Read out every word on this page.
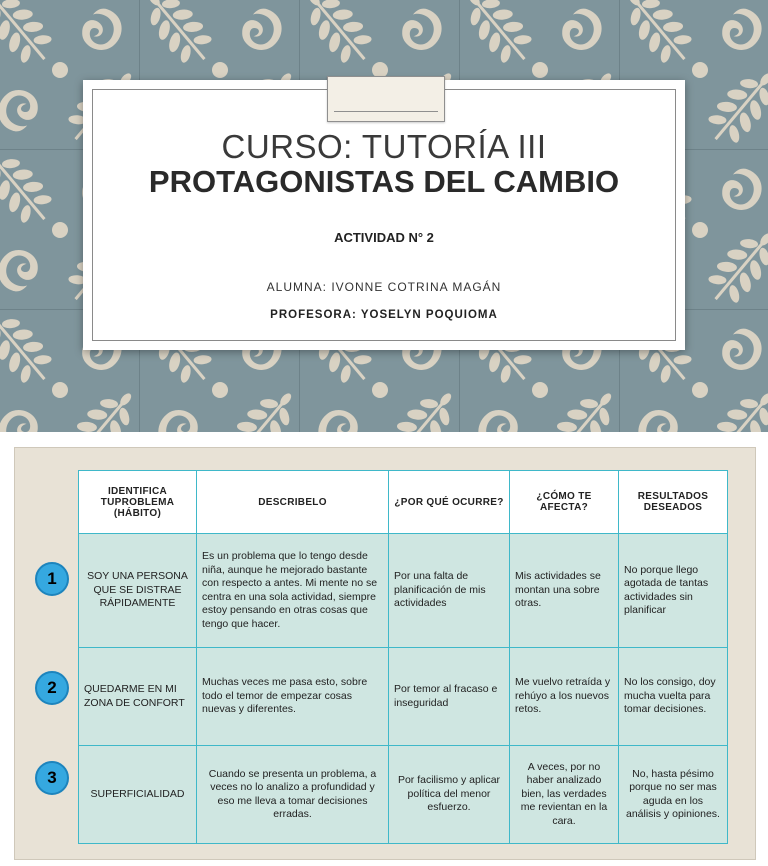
CURSO: TUTORÍA III
PROTAGONISTAS DEL CAMBIO
ACTIVIDAD N° 2
ALUMNA: IVONNE COTRINA MAGÁN
PROFESORA: YOSELYN POQUIOMA
IDENTIFICA TUPROBLEMA (HÁBITO)	DESCRIBELO	¿POR QUÉ OCURRE?	¿CÓMO TE AFECTA?	RESULTADOS DESEADOS
SOY UNA PERSONA QUE SE DISTRAE RÁPIDAMENTE	Es un problema que lo tengo desde niña, aunque he mejorado bastante con respecto a antes. Mi mente no se centra en una sola actividad, siempre estoy pensando en otras cosas que tengo que hacer.	Por una falta de planificación de mis actividades	Mis actividades se montan una sobre otras.	No porque llego agotada de tantas actividades sin planificar
QUEDARME EN MI ZONA DE CONFORT	Muchas veces me pasa esto, sobre todo el temor de empezar cosas nuevas y diferentes.	Por temor al fracaso e inseguridad	Me vuelvo retraída y rehúyo a los nuevos retos.	No los consigo, doy mucha vuelta para tomar decisiones.
SUPERFICIALIDAD	Cuando se presenta un problema, a veces no lo analizo a profundidad y eso me lleva a tomar decisiones erradas.	Por facilismo y aplicar política del menor esfuerzo.	A veces, por no haber analizado bien, las verdades me revientan en la cara.	No, hasta pésimo porque no ser mas aguda en los análisis y opiniones.
1
2
3
